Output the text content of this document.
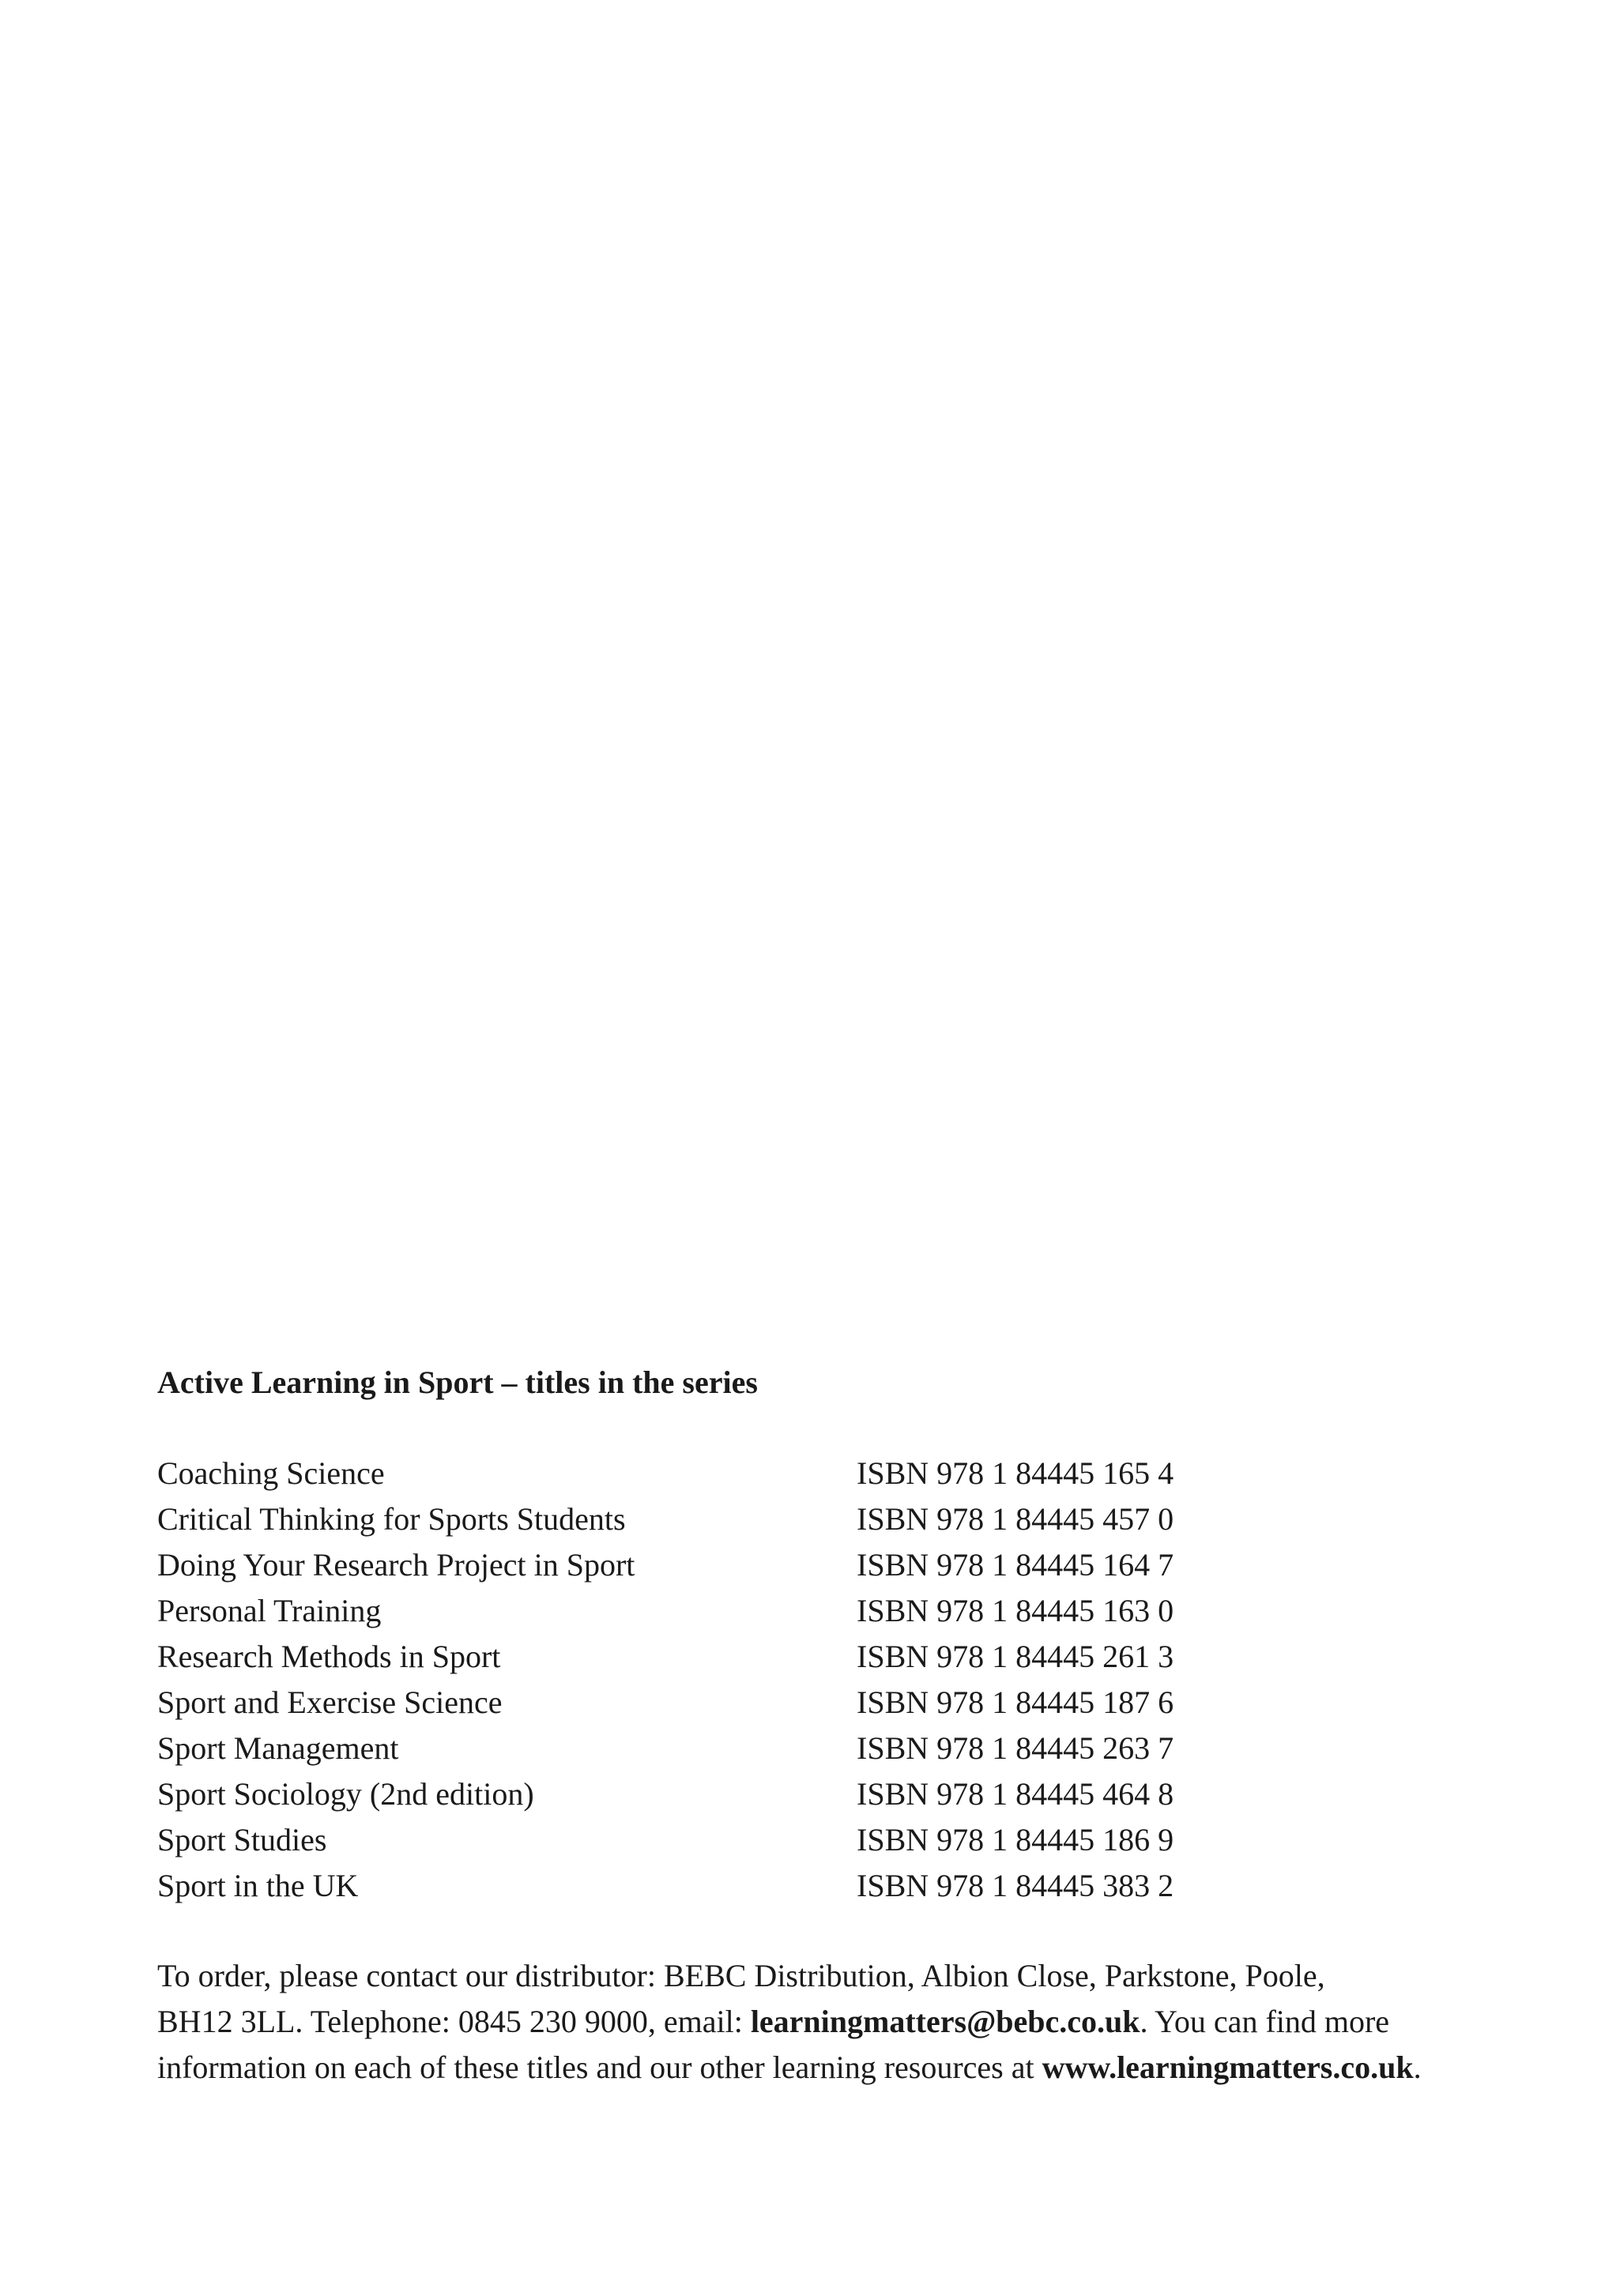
Active Learning in Sport – titles in the series
Coaching Science	ISBN 978 1 84445 165 4
Critical Thinking for Sports Students	ISBN 978 1 84445 457 0
Doing Your Research Project in Sport	ISBN 978 1 84445 164 7
Personal Training	ISBN 978 1 84445 163 0
Research Methods in Sport	ISBN 978 1 84445 261 3
Sport and Exercise Science	ISBN 978 1 84445 187 6
Sport Management	ISBN 978 1 84445 263 7
Sport Sociology (2nd edition)	ISBN 978 1 84445 464 8
Sport Studies	ISBN 978 1 84445 186 9
Sport in the UK	ISBN 978 1 84445 383 2

To order, please contact our distributor: BEBC Distribution, Albion Close, Parkstone, Poole,
BH12 3LL. Telephone: 0845 230 9000, email: learningmatters@bebc.co.uk. You can find more
information on each of these titles and our other learning resources at www.learningmatters.co.uk.
